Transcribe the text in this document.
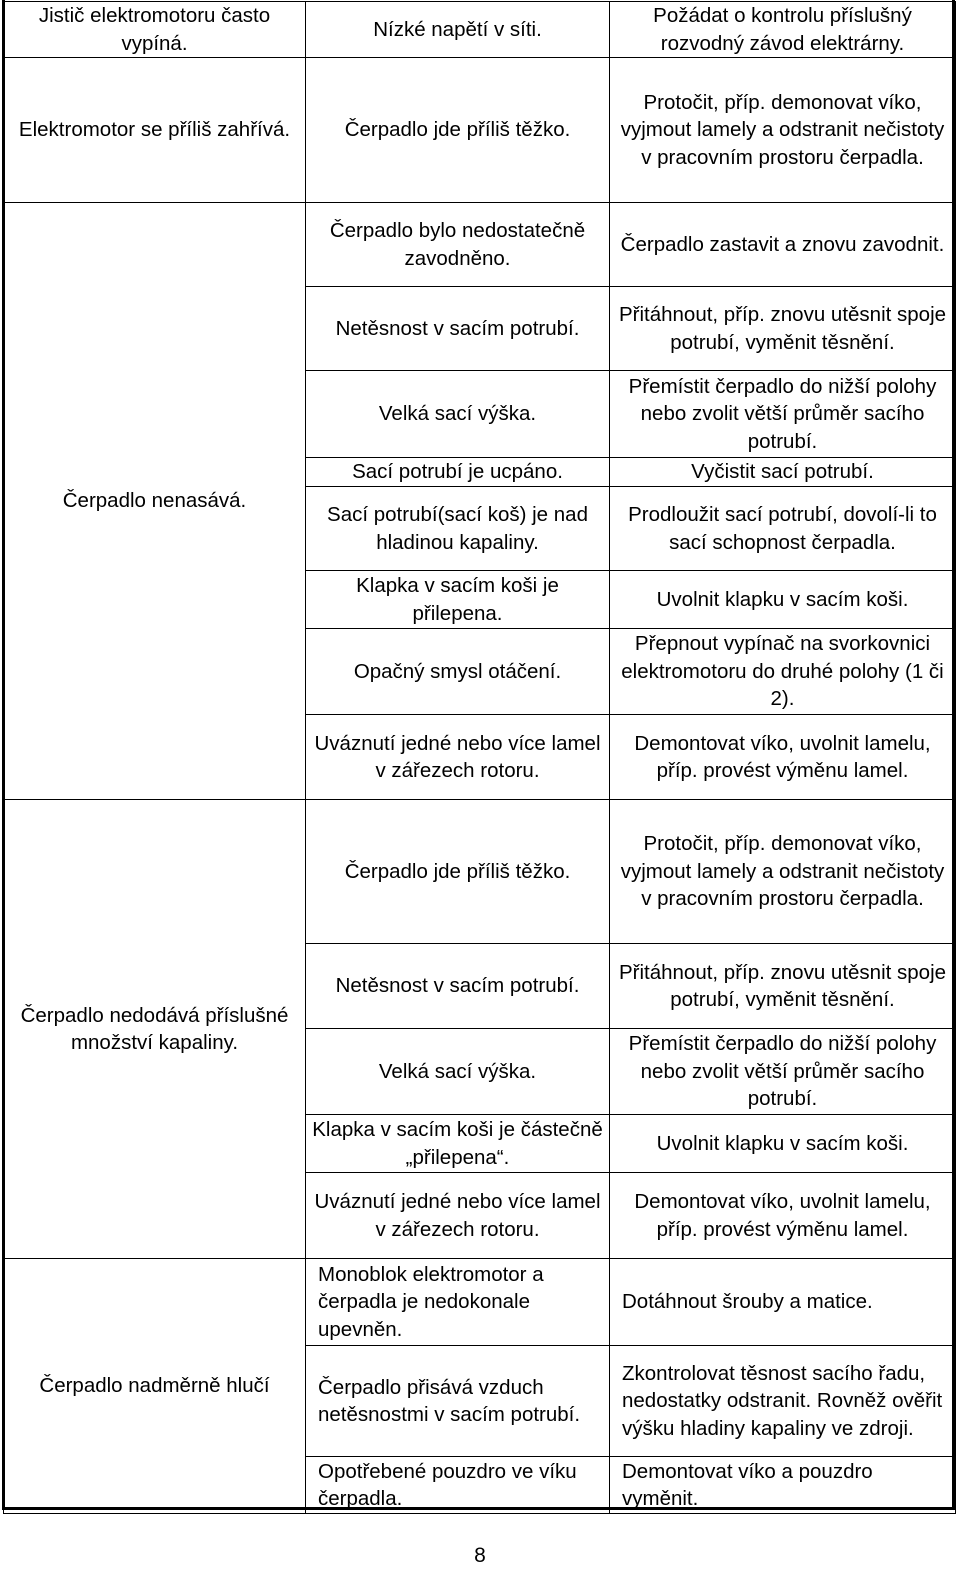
Jistič elektromotoru často vypíná.	Nízké napětí v síti.	Požádat o kontrolu příslušný rozvodný závod elektrárny.
Elektromotor se příliš zahřívá.	Čerpadlo jde příliš těžko.	Protočit, příp. demonovat víko, vyjmout lamely a odstranit nečistoty v pracovním prostoru čerpadla.
Čerpadlo nenasává.	Čerpadlo bylo nedostatečně zavodněno.	Čerpadlo zastavit a znovu zavodnit.
	Netěsnost v sacím potrubí.	Přitáhnout, příp. znovu utěsnit spoje potrubí, vyměnit těsnění.
	Velká sací výška.	Přemístit čerpadlo do nižší polohy nebo zvolit větší průměr sacího potrubí.
	Sací potrubí je ucpáno.	Vyčistit sací potrubí.
	Sací potrubí(sací koš) je nad hladinou kapaliny.	Prodloužit sací potrubí, dovolí-li to sací schopnost čerpadla.
	Klapka v sacím koši je přilepena.	Uvolnit klapku v sacím koši.
	Opačný smysl otáčení.	Přepnout vypínač na svorkovnici elektromotoru do druhé polohy (1 či 2).
	Uváznutí jedné nebo více lamel v zářezech rotoru.	Demontovat víko, uvolnit lamelu, příp. provést výměnu lamel.
Čerpadlo nedodává příslušné množství kapaliny.	Čerpadlo jde příliš těžko.	Protočit, příp. demonovat víko, vyjmout lamely a odstranit nečistoty v pracovním prostoru čerpadla.
	Netěsnost v sacím potrubí.	Přitáhnout, příp. znovu utěsnit spoje potrubí, vyměnit těsnění.
	Velká sací výška.	Přemístit čerpadlo do nižší polohy nebo zvolit větší průměr sacího potrubí.
	Klapka v sacím koši je částečně „přilepena“.	Uvolnit klapku v sacím koši.
	Uváznutí jedné nebo více lamel v zářezech rotoru.	Demontovat víko, uvolnit lamelu, příp. provést výměnu lamel.
Čerpadlo nadměrně hlučí	Monoblok elektromotor a čerpadla je nedokonale upevněn.	Dotáhnout šrouby a matice.
	Čerpadlo přisává vzduch netěsnostmi v sacím potrubí.	Zkontrolovat těsnost sacího řadu, nedostatky odstranit. Rovněž ověřit výšku hladiny kapaliny ve zdroji.
	Opotřebené pouzdro ve víku čerpadla.	Demontovat víko a pouzdro vyměnit.
8
